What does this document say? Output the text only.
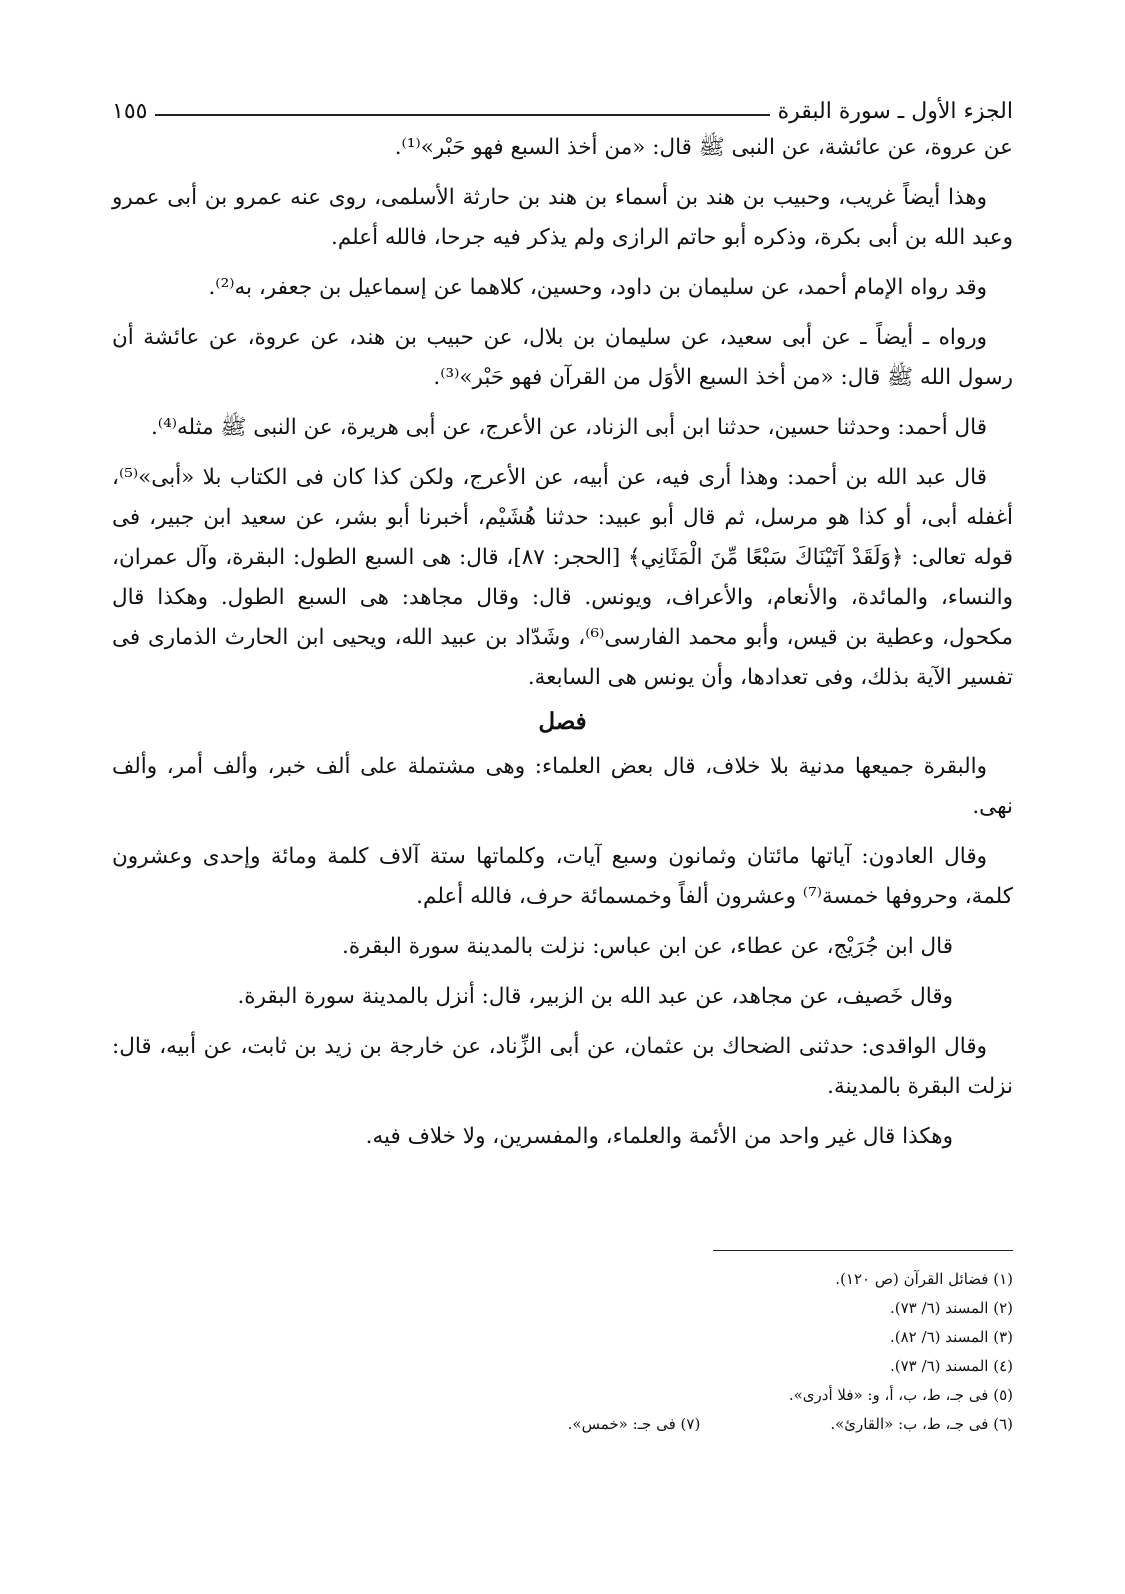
الجزء الأول ـ سورة البقرة
١٥٥

عن عروة، عن عائشة، عن النبى ﷺ قال: «من أخذ السبع فهو حَبْر»⁽¹⁾.

وهذا أيضاً غريب، وحبيب بن هند بن أسماء بن هند بن حارثة الأسلمى، روى عنه عمرو بن أبى عمرو وعبد الله بن أبى بكرة، وذكره أبو حاتم الرازى ولم يذكر فيه جرحا، فالله أعلم.

وقد رواه الإمام أحمد، عن سليمان بن داود، وحسين، كلاهما عن إسماعيل بن جعفر، به⁽²⁾.

ورواه ـ أيضاً ـ عن أبى سعيد، عن سليمان بن بلال، عن حبيب بن هند، عن عروة، عن عائشة أن رسول الله ﷺ قال: «من أخذ السبع الأوَل من القرآن فهو حَبْر»⁽³⁾.

قال أحمد: وحدثنا حسين، حدثنا ابن أبى الزناد، عن الأعرج، عن أبى هريرة، عن النبى ﷺ مثله⁽⁴⁾.

قال عبد الله بن أحمد: وهذا أرى فيه، عن أبيه، عن الأعرج، ولكن كذا كان فى الكتاب بلا «أبى»⁽⁵⁾، أغفله أبى، أو كذا هو مرسل، ثم قال أبو عبيد: حدثنا هُشَيْم، أخبرنا أبو بشر، عن سعيد ابن جبير، فى قوله تعالى: ﴿وَلَقَدْ آتَيْنَاكَ سَبْعًا مِّنَ الْمَثَانِي﴾ [الحجر: ٨٧]، قال: هى السبع الطول: البقرة، وآل عمران، والنساء، والمائدة، والأنعام، والأعراف، ويونس. قال: وقال مجاهد: هى السبع الطول. وهكذا قال مكحول، وعطية بن قيس، وأبو محمد الفارسى⁽⁶⁾، وشَدّاد بن عبيد الله، ويحيى ابن الحارث الذمارى فى تفسير الآية بذلك، وفى تعدادها، وأن يونس هى السابعة.

فصل

والبقرة جميعها مدنية بلا خلاف، قال بعض العلماء: وهى مشتملة على ألف خبر، وألف أمر، وألف نهى.

وقال العادون: آياتها مائتان وثمانون وسبع آيات، وكلماتها ستة آلاف كلمة ومائة وإحدى وعشرون كلمة، وحروفها خمسة⁽⁷⁾ وعشرون ألفاً وخمسمائة حرف، فالله أعلم.

قال ابن جُرَيْج، عن عطاء، عن ابن عباس: نزلت بالمدينة سورة البقرة.

وقال خَصيف، عن مجاهد، عن عبد الله بن الزبير، قال: أنزل بالمدينة سورة البقرة.

وقال الواقدى: حدثنى الضحاك بن عثمان، عن أبى الزِّناد، عن خارجة بن زيد بن ثابت، عن أبيه، قال: نزلت البقرة بالمدينة.

وهكذا قال غير واحد من الأئمة والعلماء، والمفسرين، ولا خلاف فيه.

(١) فضائل القرآن (ص ١٢٠).
(٢) المسند (٦/ ٧٣).
(٣) المسند (٦/ ٨٢).
(٤) المسند (٦/ ٧٣).
(٥) فى جـ، ط، ب، أ، و: «فلا أدرى».
(٦) فى جـ، ط، ب: «القارئ».
(٧) فى جـ: «خمس».
